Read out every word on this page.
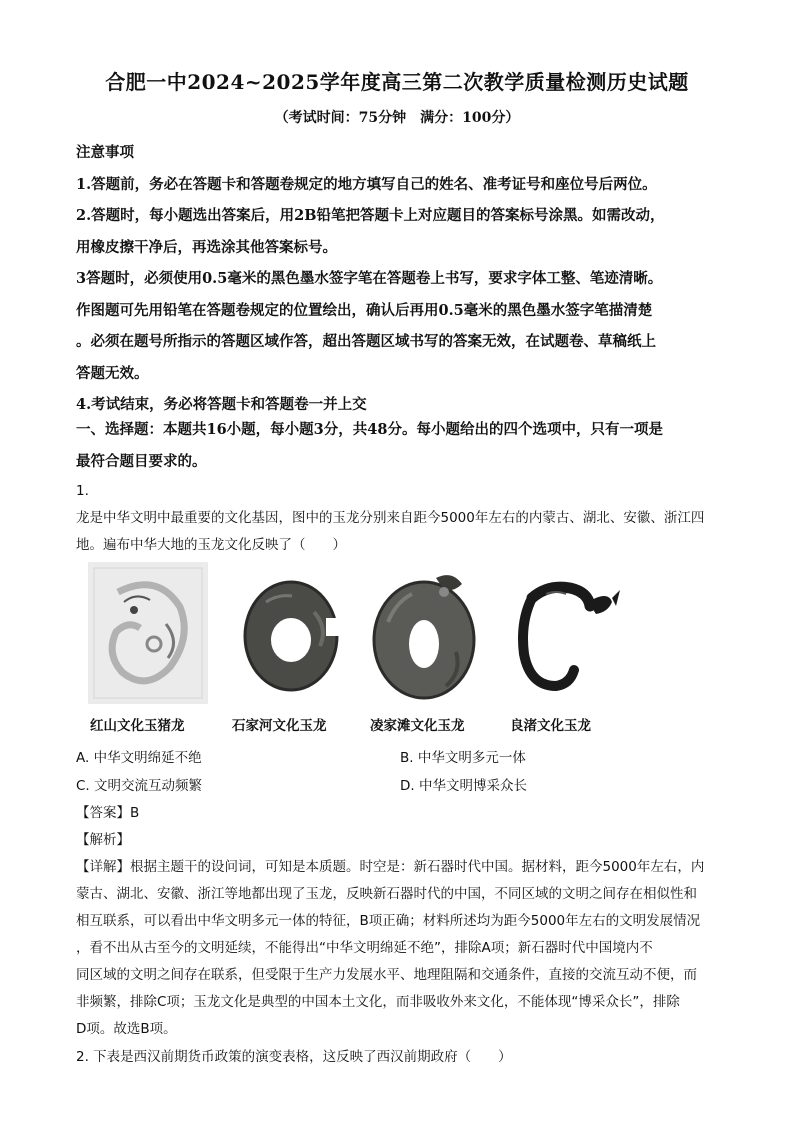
合肥一中2024~2025学年度高三第二次教学质量检测历史试题
（考试时间：75分钟　满分：100分）

注意事项

1.答题前，务必在答题卡和答题卷规定的地方填写自己的姓名、准考证号和座位号后两位。

2.答题时，每小题选出答案后，用2B铅笔把答题卡上对应题目的答案标号涂黑。如需改动，

用橡皮擦干净后，再选涂其他答案标号。

3答题时，必须使用0.5毫米的黑色墨水签字笔在答题卷上书写，要求字体工整、笔迹清晰。

作图题可先用铅笔在答题卷规定的位置绘出，确认后再用0.5毫米的黑色墨水签字笔描清楚

。必须在题号所指示的答题区域作答，超出答题区域书写的答案无效，在试题卷、草稿纸上

答题无效。

4.考试结束，务必将答题卡和答题卷一并上交

一、选择题：本题共16小题，每小题3分，共48分。每小题给出的四个选项中，只有一项是
最符合题目要求的。

1.

龙是中华文明中最重要的文化基因，图中的玉龙分别来自距今5000年左右的内蒙古、湖北、安徽、浙江四

地。遍布中华大地的玉龙文化反映了（　　）

红山文化玉猪龙	石家河文化玉龙	凌家滩文化玉龙	良渚文化玉龙
A. 中华文明绵延不绝	B. 中华文明多元一体
C. 文明交流互动频繁	D. 中华文明博采众长

【答案】B

【解析】

【详解】根据主题干的设问词，可知是本质题。时空是：新石器时代中国。据材料，距今5000年左右，内

蒙古、湖北、安徽、浙江等地都出现了玉龙，反映新石器时代的中国，不同区域的文明之间存在相似性和

相互联系，可以看出中华文明多元一体的特征，B项正确；材料所述均为距今5000年左右的文明发展情况

，看不出从古至今的文明延续，不能得出“中华文明绵延不绝”，排除A项；新石器时代中国境内不

同区域的文明之间存在联系，但受限于生产力发展水平、地理阻隔和交通条件，直接的交流互动不便，而

非频繁，排除C项；玉龙文化是典型的中国本土文化，而非吸收外来文化，不能体现“博采众长”，排除

D项。故选B项。

2. 下表是西汉前期货币政策的演变表格，这反映了西汉前期政府（　　）
